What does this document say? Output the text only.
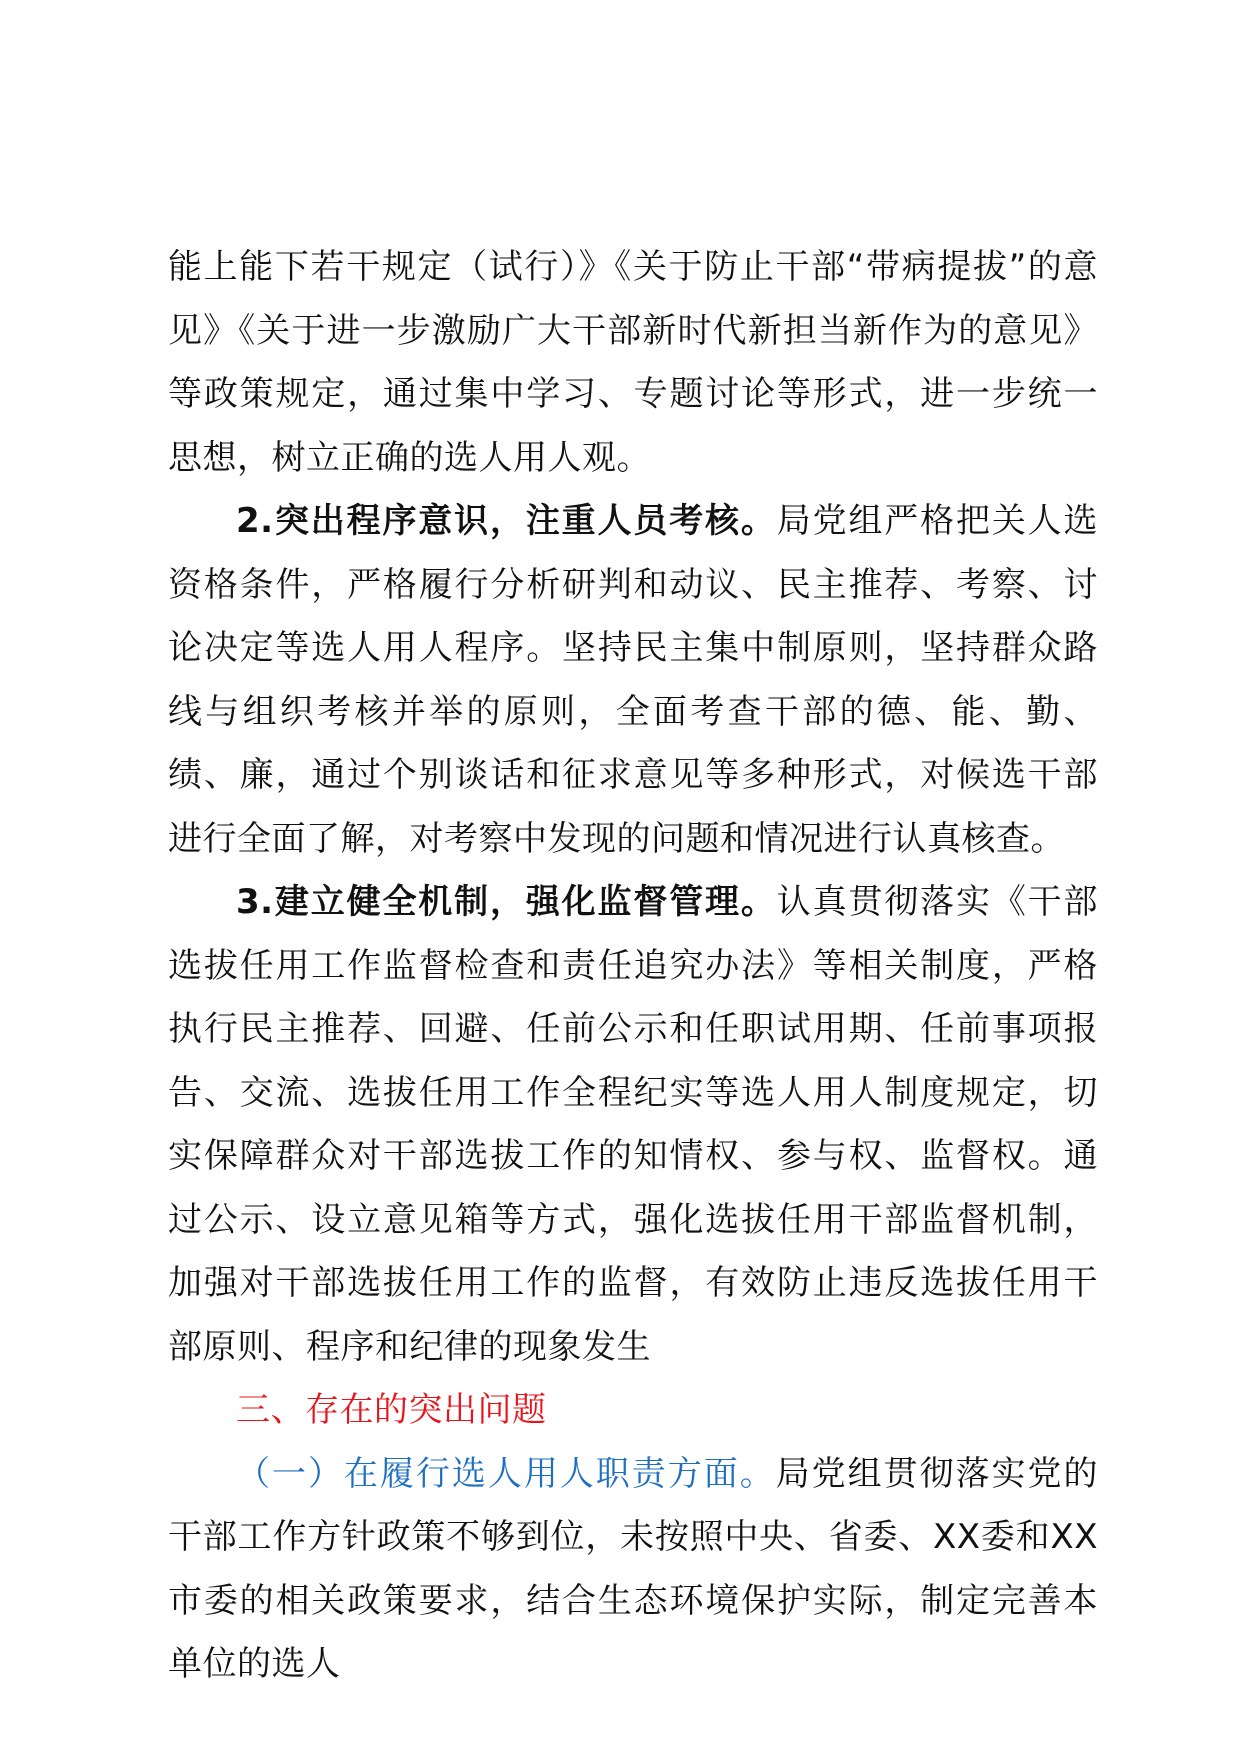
能上能下若干规定（试行）》《关于防止干部“带病提拔”的意见》《关于进一步激励广大干部新时代新担当新作为的意见》等政策规定，通过集中学习、专题讨论等形式，进一步统一思想，树立正确的选人用人观。

2.突出程序意识，注重人员考核。局党组严格把关人选资格条件，严格履行分析研判和动议、民主推荐、考察、讨论决定等选人用人程序。坚持民主集中制原则，坚持群众路线与组织考核并举的原则，全面考查干部的德、能、勤、绩、廉，通过个别谈话和征求意见等多种形式，对候选干部进行全面了解，对考察中发现的问题和情况进行认真核查。

3.建立健全机制，强化监督管理。认真贯彻落实《干部选拔任用工作监督检查和责任追究办法》等相关制度，严格执行民主推荐、回避、任前公示和任职试用期、任前事项报告、交流、选拔任用工作全程纪实等选人用人制度规定，切实保障群众对干部选拔工作的知情权、参与权、监督权。通过公示、设立意见箱等方式，强化选拔任用干部监督机制，加强对干部选拔任用工作的监督，有效防止违反选拔任用干部原则、程序和纪律的现象发生

三、存在的突出问题

（一）在履行选人用人职责方面。局党组贯彻落实党的干部工作方针政策不够到位，未按照中央、省委、XX委和XX市委的相关政策要求，结合生态环境保护实际，制定完善本单位的选人
